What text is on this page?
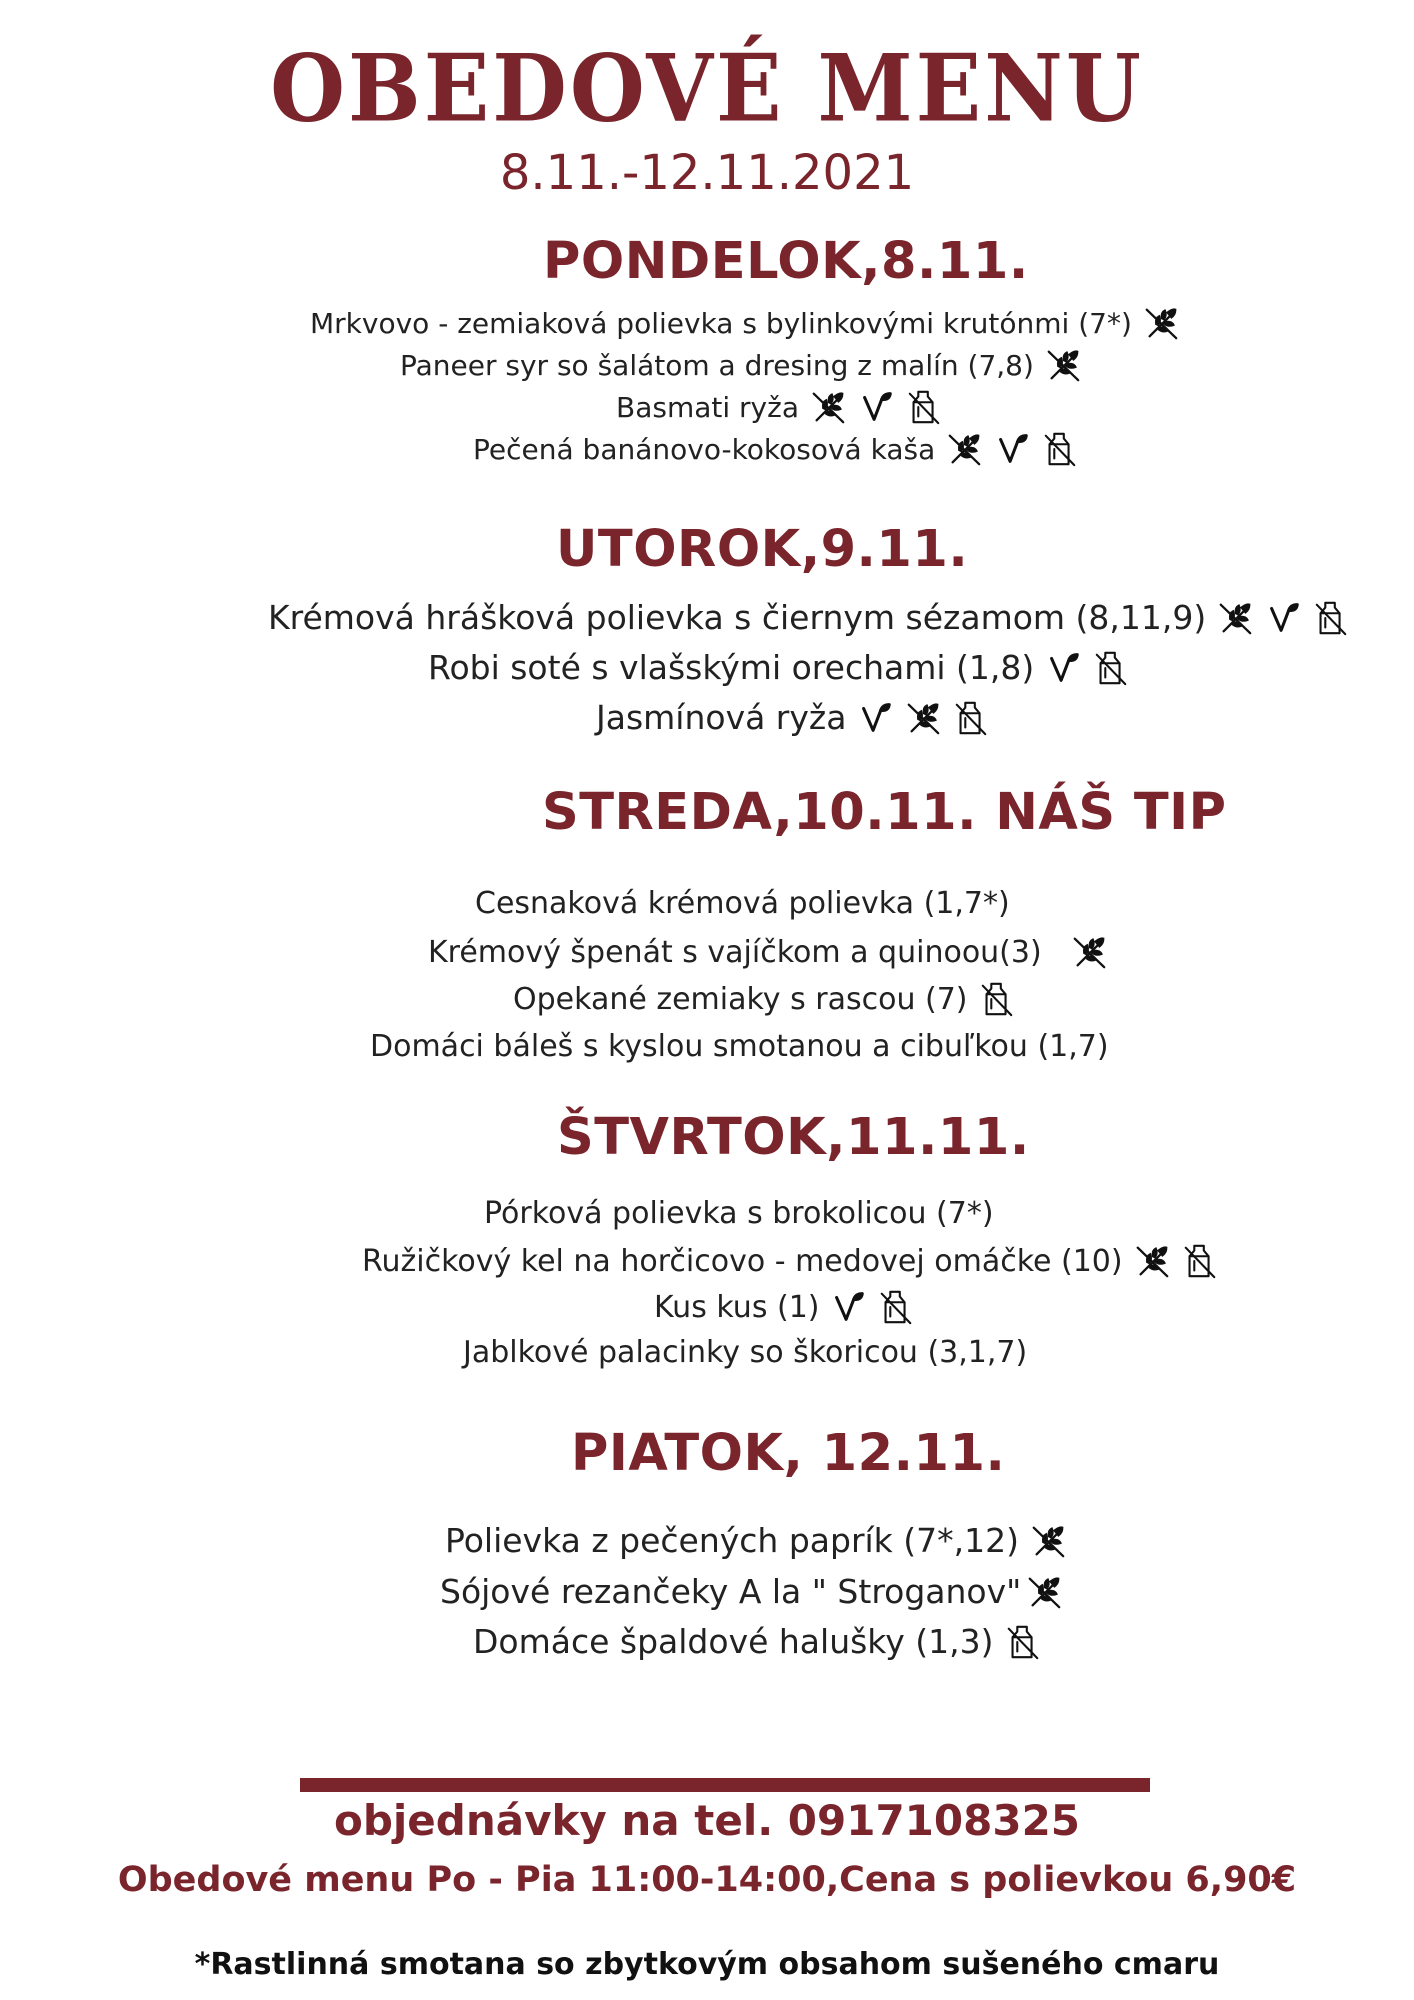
OBEDOVÉ MENU
8.11.-12.11.2021
PONDELOK,8.11.
Mrkvovo - zemiaková polievka s bylinkovými krutónmi (7*)
Paneer syr so šalátom a dresing z malín (7,8)
Basmati ryža
Pečená banánovo-kokosová kaša
UTOROK,9.11.
Krémová hrášková polievka s čiernym sézamom (8,11,9)
Robi soté s vlašskými orechami (1,8)
Jasmínová ryža
STREDA,10.11. NÁŠ TIP
Cesnaková krémová polievka (1,7*)
Krémový špenát s vajíčkom a quinoou(3)
Opekané zemiaky s rascou (7)
Domáci báleš s kyslou smotanou a cibuľkou (1,7)
ŠTVRTOK,11.11.
Pórková polievka s brokolicou (7*)
Ružičkový kel na horčicovo - medovej omáčke (10)
Kus kus (1)
Jablkové palacinky so škoricou (3,1,7)
PIATOK, 12.11.
Polievka z pečených paprík (7*,12)
Sójové rezančeky A la " Stroganov"
Domáce špaldové halušky (1,3)
objednávky na tel. 0917108325
Obedové menu Po - Pia 11:00-14:00,Cena s polievkou 6,90€
*Rastlinná smotana so zbytkovým obsahom sušeného cmaru
